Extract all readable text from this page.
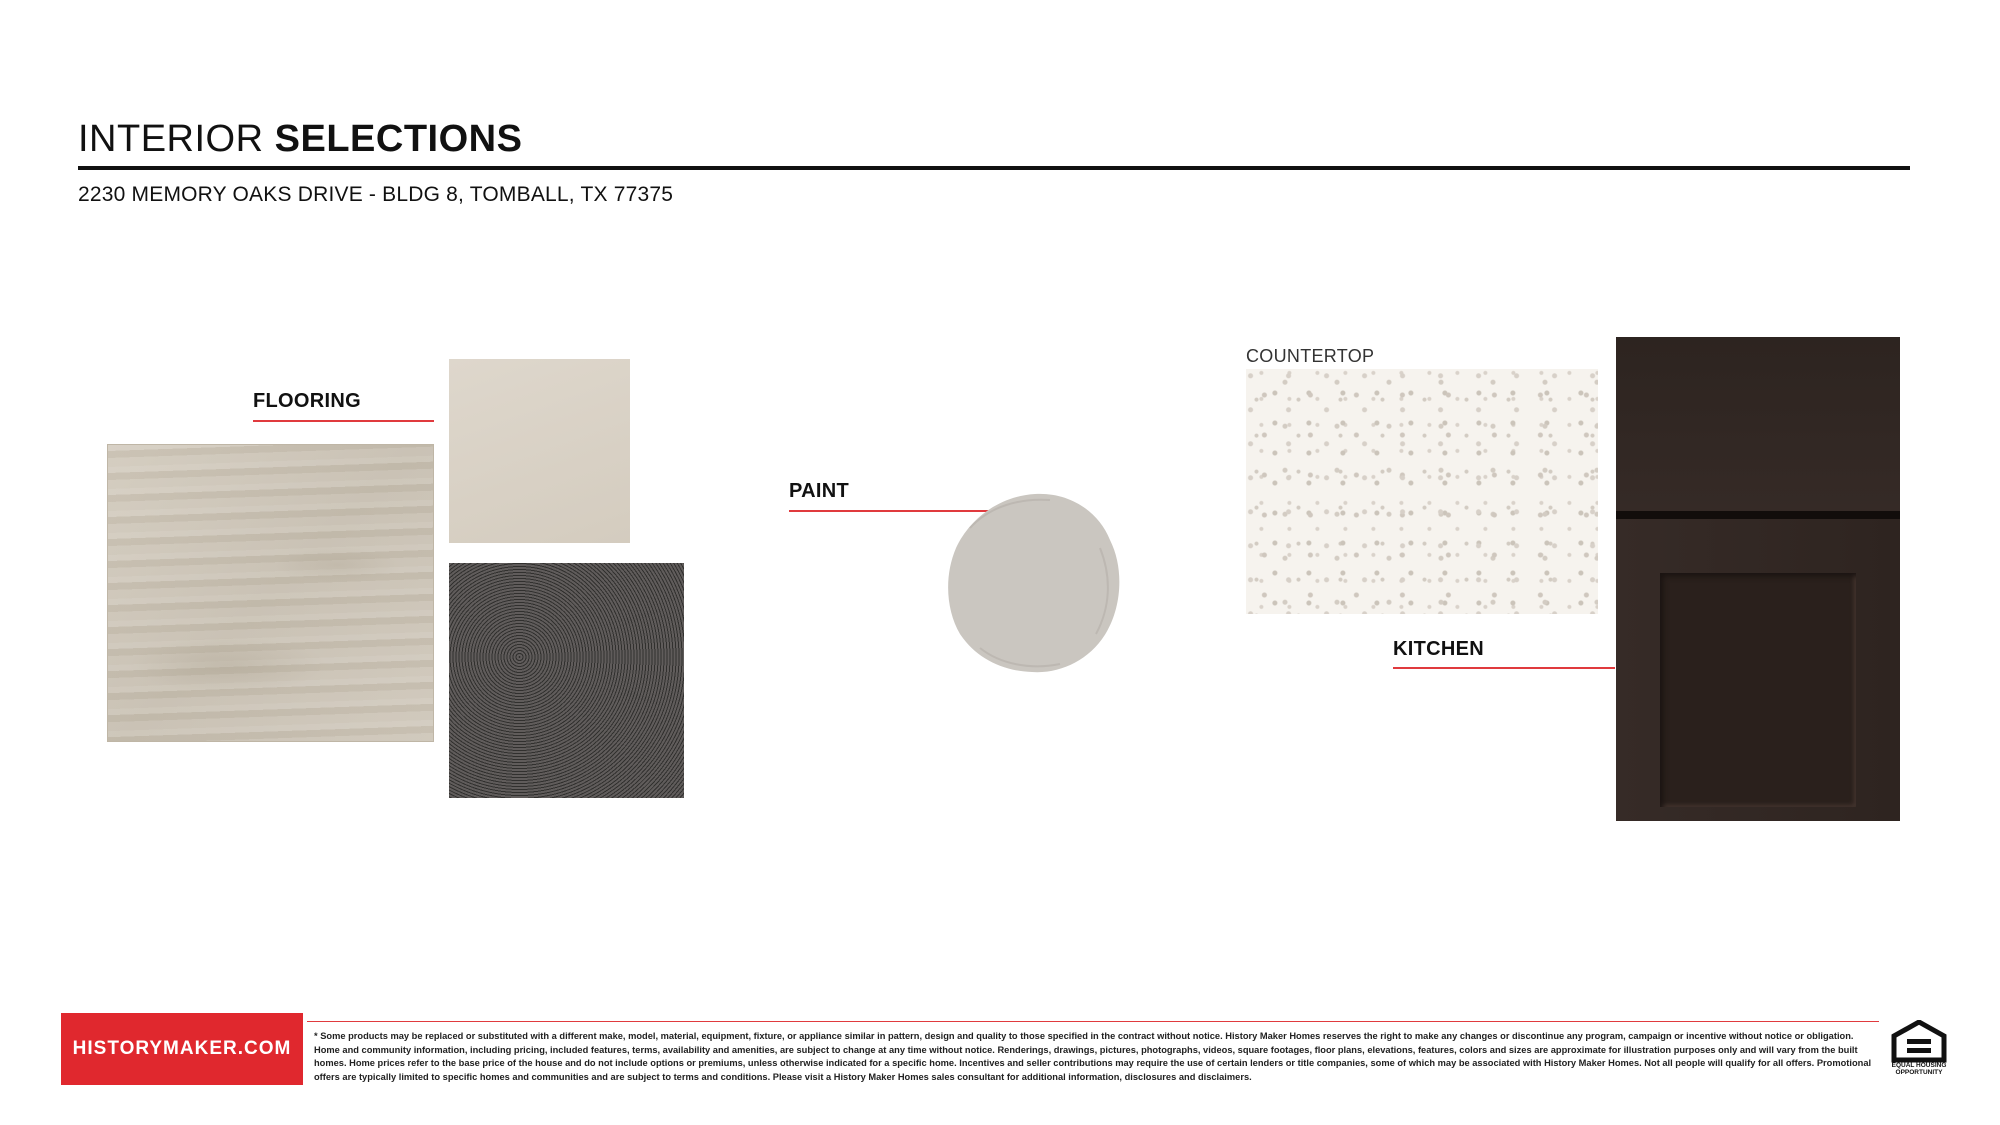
INTERIOR SELECTIONS
2230 MEMORY OAKS DRIVE - BLDG 8, TOMBALL, TX 77375
FLOORING
PAINT
COUNTERTOP
KITCHEN
HISTORYMAKER.COM
* Some products may be replaced or substituted with a different make, model, material, equipment, fixture, or appliance similar in pattern, design and quality to those specified in the contract without notice. History Maker Homes reserves the right to make any changes or discontinue any program, campaign or incentive without notice or obligation. Home and community information, including pricing, included features, terms, availability and amenities, are subject to change at any time without notice. Renderings, drawings, pictures, photographs, videos, square footages, floor plans, elevations, features, colors and sizes are approximate for illustration purposes only and will vary from the built homes. Home prices refer to the base price of the house and do not include options or premiums, unless otherwise indicated for a specific home. Incentives and seller contributions may require the use of certain lenders or title companies, some of which may be associated with History Maker Homes. Not all people will qualify for all offers. Promotional offers are typically limited to specific homes and communities and are subject to terms and conditions. Please visit a History Maker Homes sales consultant for additional information, disclosures and disclaimers.
EQUAL HOUSING
OPPORTUNITY
